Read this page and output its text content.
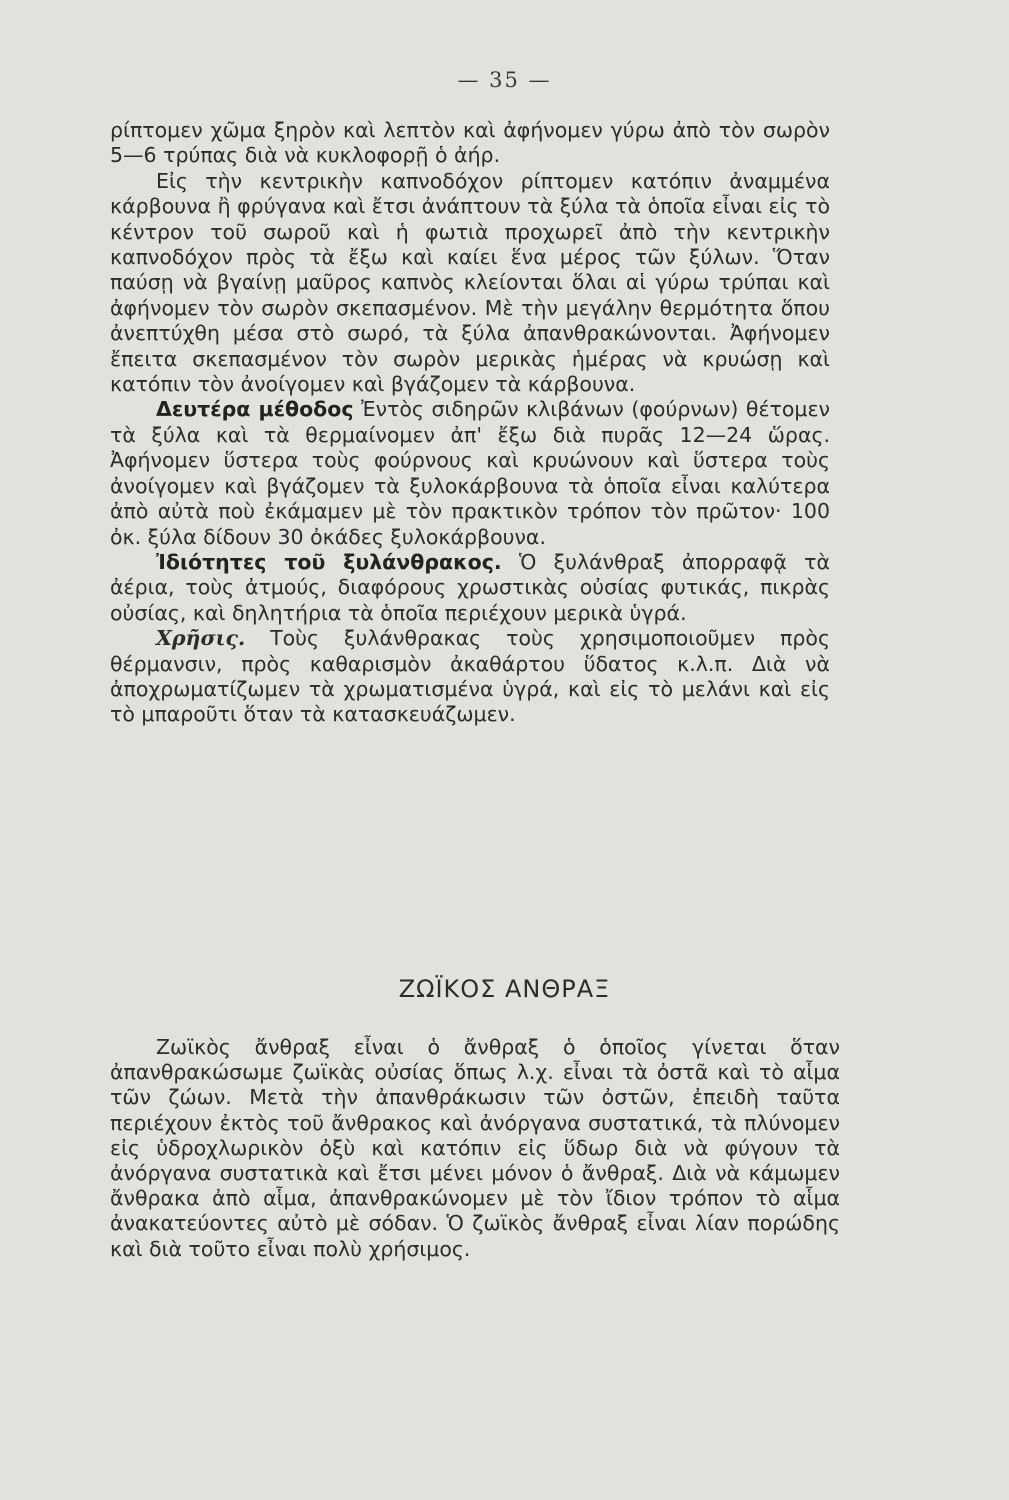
— 35 —

ρίπτομεν χῶμα ξηρὸν καὶ λεπτὸν καὶ ἀφήνομεν γύρω ἀπὸ τὸν σωρὸν 5—6 τρύπας διὰ νὰ κυκλοφορῇ ὁ ἀήρ.

Εἰς τὴν κεντρικὴν καπνοδόχον ρίπτομεν κατόπιν ἀναμμένα κάρβουνα ἢ φρύγανα καὶ ἔτσι ἀνάπτουν τὰ ξύλα τὰ ὁποῖα εἶναι εἰς τὸ κέντρον τοῦ σωροῦ καὶ ἡ φωτιὰ προχωρεῖ ἀπὸ τὴν κεντρικὴν καπνοδόχον πρὸς τὰ ἔξω καὶ καίει ἕνα μέρος τῶν ξύλων. Ὅταν παύσῃ νὰ βγαίνῃ μαῦρος καπνὸς κλείονται ὅλαι αἱ γύρω τρύπαι καὶ ἀφήνομεν τὸν σωρὸν σκεπασμένον. Μὲ τὴν μεγάλην θερμότητα ὅπου ἀνεπτύχθη μέσα στὸ σωρό, τὰ ξύλα ἀπανθρακώνονται. Ἀφήνομεν ἔπειτα σκεπασμένον τὸν σωρὸν μερικὰς ἡμέρας νὰ κρυώσῃ καὶ κατόπιν τὸν ἀνοίγομεν καὶ βγάζομεν τὰ κάρβουνα.

Δευτέρα μέθοδος Ἐντὸς σιδηρῶν κλιβάνων (φούρνων) θέτομεν τὰ ξύλα καὶ τὰ θερμαίνομεν ἀπ' ἔξω διὰ πυρᾶς 12—24 ὥρας. Ἀφήνομεν ὕστερα τοὺς φούρνους καὶ κρυώνουν καὶ ὕστερα τοὺς ἀνοίγομεν καὶ βγάζομεν τὰ ξυλοκάρβουνα τὰ ὁποῖα εἶναι καλύτερα ἀπὸ αὐτὰ ποὺ ἐκάμαμεν μὲ τὸν πρακτικὸν τρόπον τὸν πρῶτον· 100 ὀκ. ξύλα δίδουν 30 ὀκάδες ξυλοκάρβουνα.

Ἰδιότητες τοῦ ξυλάνθρακος. Ὁ ξυλάνθραξ ἀπορραφᾷ τὰ ἀέρια, τοὺς ἀτμούς, διαφόρους χρωστικὰς οὐσίας φυτικάς, πικρὰς οὐσίας, καὶ δηλητήρια τὰ ὁποῖα περιέχουν μερικὰ ὑγρά.

Χρῆσις. Τοὺς ξυλάνθρακας τοὺς χρησιμοποιοῦμεν πρὸς θέρμανσιν, πρὸς καθαρισμὸν ἀκαθάρτου ὕδατος κ.λ.π. Διὰ νὰ ἀποχρωματίζωμεν τὰ χρωματισμένα ὑγρά, καὶ εἰς τὸ μελάνι καὶ εἰς τὸ μπαροῦτι ὅταν τὰ κατασκευάζωμεν.

ΖΩΪΚΟΣ ΑΝΘΡΑΞ

Ζωϊκὸς ἄνθραξ εἶναι ὁ ἄνθραξ ὁ ὁποῖος γίνεται ὅταν ἀπανθρακώσωμε ζωϊκὰς οὐσίας ὅπως λ.χ. εἶναι τὰ ὀστᾶ καὶ τὸ αἷμα τῶν ζώων. Μετὰ τὴν ἀπανθράκωσιν τῶν ὀστῶν, ἐπειδὴ ταῦτα περιέχουν ἐκτὸς τοῦ ἄνθρακος καὶ ἀνόργανα συστατικά, τὰ πλύνομεν εἰς ὑδροχλωρικὸν ὀξὺ καὶ κατόπιν εἰς ὕδωρ διὰ νὰ φύγουν τὰ ἀνόργανα συστατικὰ καὶ ἔτσι μένει μόνον ὁ ἄνθραξ. Διὰ νὰ κάμωμεν ἄνθρακα ἀπὸ αἷμα, ἀπανθρακώνομεν μὲ τὸν ἴδιον τρόπον τὸ αἷμα ἀνακατεύοντες αὐτὸ μὲ σόδαν. Ὁ ζωϊκὸς ἄνθραξ εἶναι λίαν πορώδης καὶ διὰ τοῦτο εἶναι πολὺ χρήσιμος.
